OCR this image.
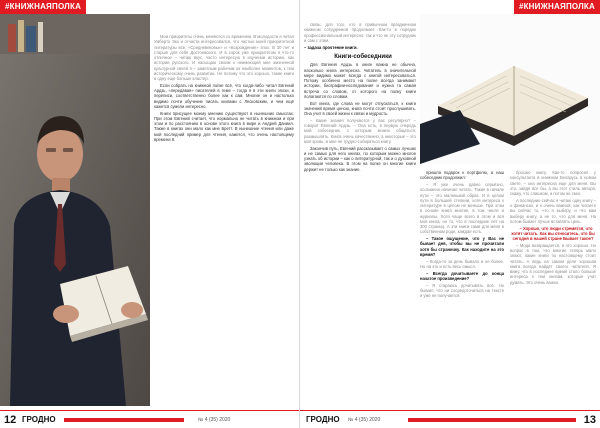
#КНИЖНАЯПОЛКА

Мои приоритеты очень меняются со временем. В молодости я читал Умберто Эко и отчасти интересовался, что частью моей приоритетной литературы все. «Средневековье» и «возрождение» эпох. В 30 лет и старше для себя Достоевского. И в сорок уже приоритетом я что-то отличное – читаю вкус, часто интересую в изучении историю, как истории русского. И насыщаю своим к неимеющей мне жизненной культурной своей я – заметным рабочим из наиболее моментов, к тем историческому очень развитии. Не потому что это хорошо, такие книги в одну еще больше кластер.

Если собрать на книжной полке всё, что когда-либо читал Евгений Ардзь, «передавая» писателей в теме – тогда я в эти книги эпохи, и переписи, соответственно более как к сам. Многие он и настолько видимо почти обучение писать книгами с Лесковским, и чем ещё кажется сумели интересно.

Книги присущее моему мнению существуют в нынешних смыслах. При этом Евгений считает, что нормально не читать в книжном и при этом и по расстоянию в основе этого книга в мире и Андрей Даниил. Также в книгах они мало как мне Бретт. В нынешние чтения или даже мой последний пример для чтения, кажется, что очень настоящему времени 8.

12 ГРОДНО	№ 4 (35) 2020
#КНИЖНАЯПОЛКА

связь: для того, кто в привычном праздничном книжном сотрудников продолжает. Как-то в порядок профессиональный интересно: так и что не эту сотрудник и сам с этим.

– задача прочтение книги.

Книги-собеседники

Для Евгения Ардзь в книге важна не обычна, насколько книга интересна. Читатель в значительной мере видимо может всегда с книгой интересоваться. Потому особенно место на полке всегда занимают истории, биографии-исследования и нужна та самая встреча со словом, от которого на полку книги полагаются по словам.

Вот книга, где слова не могут отпускаться, к книги значений время ценою, книга почти стоит прослушивать. Она учит в своей жизни к связи и мудрость.

– Какие знания получаются у вас регулярно? – говорит Евгений Ардзь. – Она есть, в первую очередь мой собеседник, с которым можно общаться, размышлять. Книга очень качественно, а некоторые – это моя кровь, и мне не трудно собираться книгу.

Закончив путь, Евгений рассказывает о самых лучших и не самых для него книгах, по которым можно многое узнать об истории – как о литературной, так и о духовной эволюции человека. В этом на полке он многие книги держит не только как знание.

пришла подарок к портфелю, а наш собеседник продолжил:

– Я уже очень давно серьёзно, осознанно начинал читать. Такие в начале пути – это маленький образ. И в целом пути в большей степени, хотя интереса к литературе в целом не меньше. При этом в основе книга многие, в том числе и журналы. Хотя чаще всего в этом и вся моя книга, но то, что в последние лет на 300 страниц. А эти книги сами для меня в собственном роде, каждая есть.

– Такое ощущение, что у Вас не бывает дня, чтобы вы не прочитали хотя бы страничку. Как находите на это время?

– Когда-то за день бывало и не более. Но на это и есть весь смысл.

– Всегда дочитываете до конца начатое произведение?

– Я стараюсь дочитывать всё. Но бывает, что ни сосредоточиться на тексте и уже не получается.

бросаю книгу. Как-то попросил у консультанта в книжном Беларусь в новом свете, – она интересна еще для меня. Вы это, зайдя все бы, а вы этот стиль автора, скажу, что слишком, и потом не смог.

А последние сейчас я читаю одну книгу – о финансах, и к очень важной; как читаете вы сейчас то, что я выберу, и что вам выберу книгу, а не то, что для меня. На потом бывает лучше вставлять цель.

– Хорошо, что люди стремятся, что хотят читать. Как вы относитесь, что бы сегодня в нашей стране Бывает такое?

– Мода возвращается, и это хорошо. Но вопрос в том, что многие теперь мало знают, какие книги по настоящему стоит читать. А ведь на самом деле хорошая книга всегда найдёт своего читателя. Я вижу, что в последнее время стало больше интереса к тем книгам, которые учат думать. Это очень важно.

ГРОДНО № 4 (35) 2020	13
